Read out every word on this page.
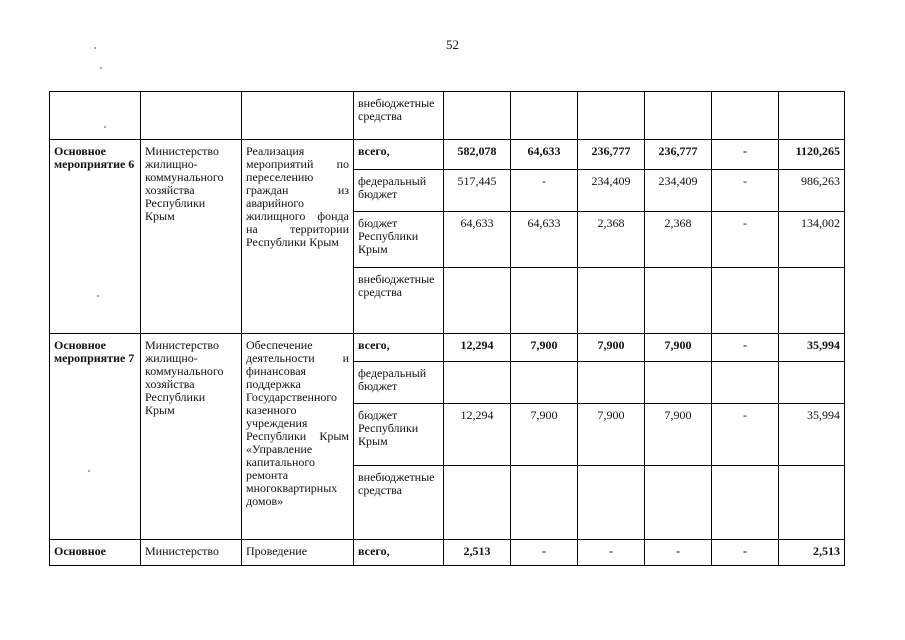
52
			внебюджетные средства						
Основное мероприятие 6	Министерство жилищно-коммунального хозяйства Республики Крым	Реализация мероприятий по переселению граждан из аварийного жилищного фонда на территории Республики Крым	всего,	582,078	64,633	236,777	236,777	-	1120,265
			федеральный бюджет	517,445	-	234,409	234,409	-	986,263
			бюджет Республики Крым	64,633	64,633	2,368	2,368	-	134,002
			внебюджетные средства						
Основное мероприятие 7	Министерство жилищно-коммунального хозяйства Республики Крым	Обеспечение деятельности и финансовая поддержка Государственного казенного учреждения Республики Крым «Управление капитального ремонта многоквартирных домов»	всего,	12,294	7,900	7,900	7,900	-	35,994
			федеральный бюджет						
			бюджет Республики Крым	12,294	7,900	7,900	7,900	-	35,994
			внебюджетные средства						
Основное	Министерство	Проведение	всего,	2,513	-	-	-	-	2,513
